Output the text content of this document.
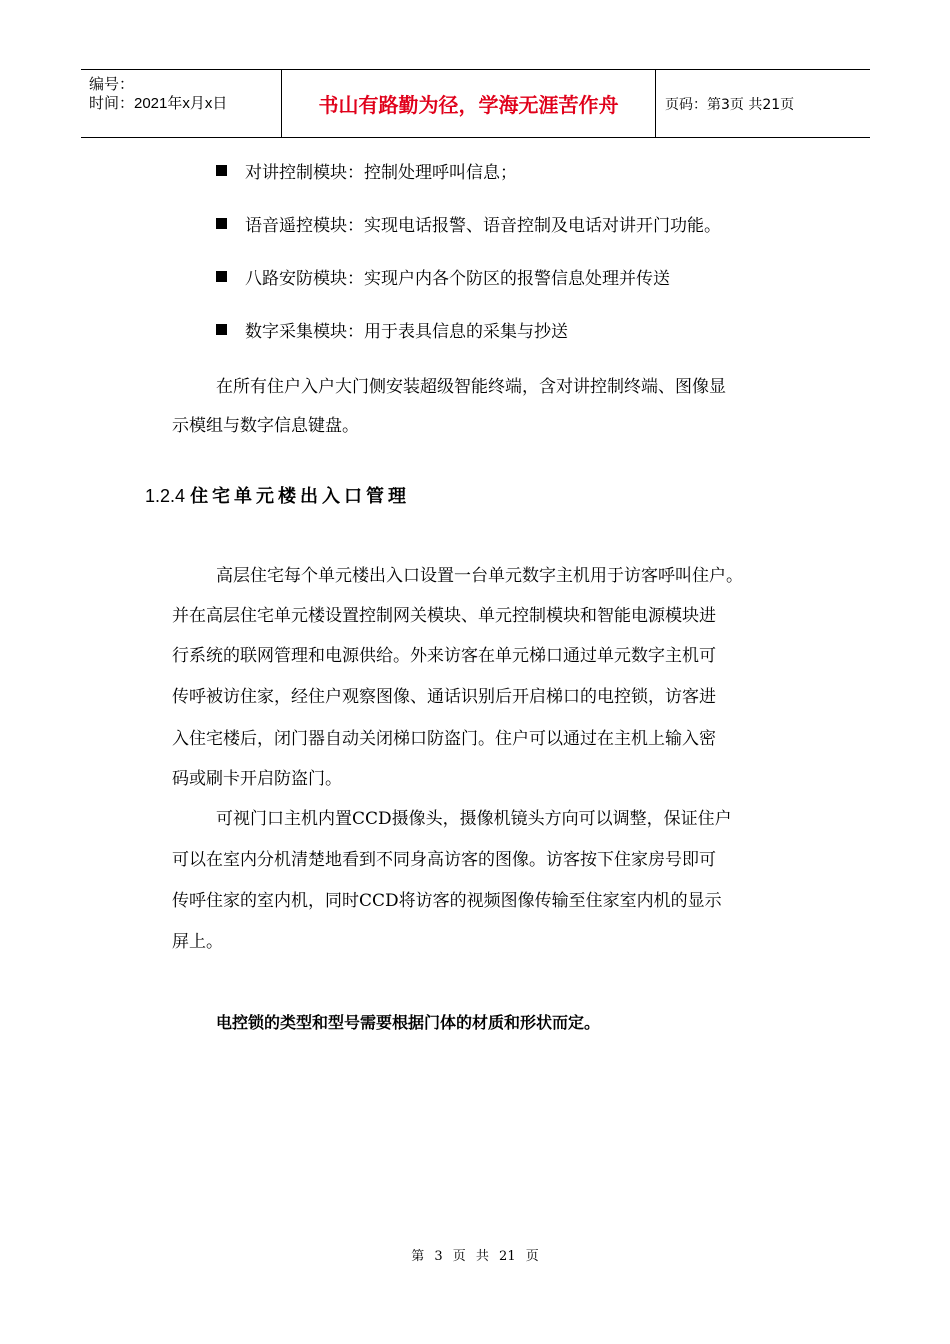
编号：
时间：2021年x月x日	书山有路勤为径，学海无涯苦作舟	页码：第3页 共21页
对讲控制模块：控制处理呼叫信息；
语音遥控模块：实现电话报警、语音控制及电话对讲开门功能。
八路安防模块：实现户内各个防区的报警信息处理并传送
数字采集模块：用于表具信息的采集与抄送
在所有住户入户大门侧安装超级智能终端，含对讲控制终端、图像显
示模组与数字信息键盘。
1.2.4 住宅单元楼出入口管理
高层住宅每个单元楼出入口设置一台单元数字主机用于访客呼叫住户。
并在高层住宅单元楼设置控制网关模块、单元控制模块和智能电源模块进
行系统的联网管理和电源供给。外来访客在单元梯口通过单元数字主机可
传呼被访住家，经住户观察图像、通话识别后开启梯口的电控锁，访客进
入住宅楼后，闭门器自动关闭梯口防盗门。住户可以通过在主机上输入密
码或刷卡开启防盗门。
可视门口主机内置CCD摄像头，摄像机镜头方向可以调整，保证住户
可以在室内分机清楚地看到不同身高访客的图像。访客按下住家房号即可
传呼住家的室内机，同时CCD将访客的视频图像传输至住家室内机的显示
屏上。
电控锁的类型和型号需要根据门体的材质和形状而定。
第 3 页 共 21 页
